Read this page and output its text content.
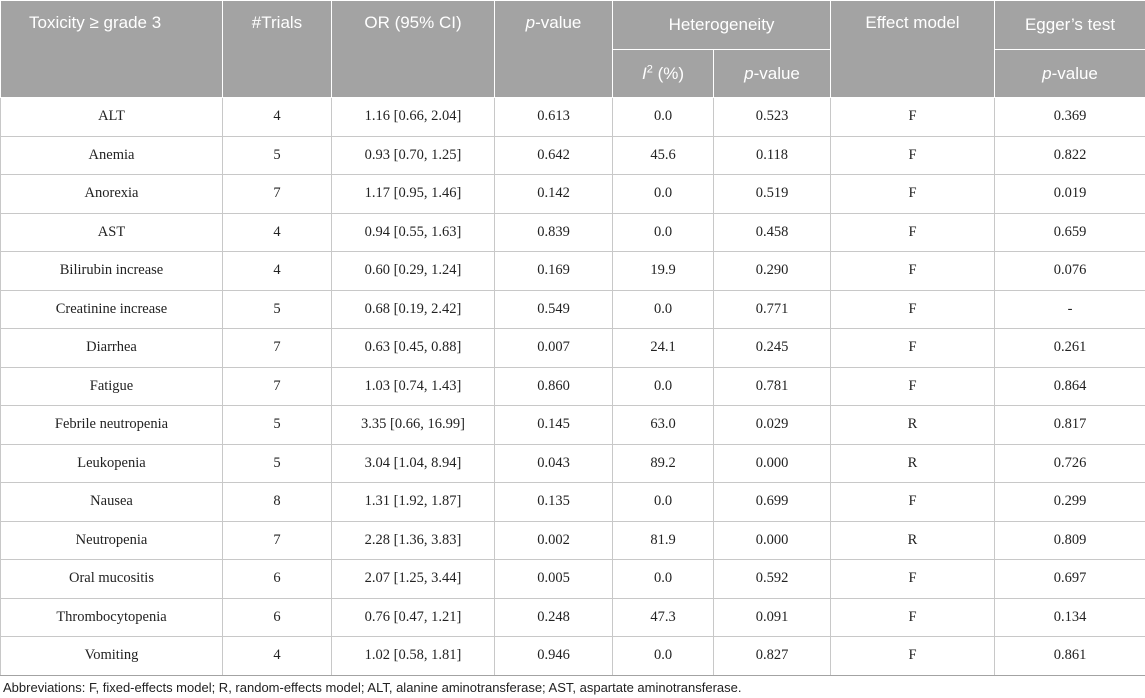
Toxicity ≥ grade 3	#Trials	OR (95% CI)	p-value	Heterogeneity		Effect model	Egger’s test
				$I^2$ (%)	p-value		p-value
ALT	4	1.16 [0.66, 2.04]	0.613	0.0	0.523	F	0.369
Anemia	5	0.93 [0.70, 1.25]	0.642	45.6	0.118	F	0.822
Anorexia	7	1.17 [0.95, 1.46]	0.142	0.0	0.519	F	0.019
AST	4	0.94 [0.55, 1.63]	0.839	0.0	0.458	F	0.659
Bilirubin increase	4	0.60 [0.29, 1.24]	0.169	19.9	0.290	F	0.076
Creatinine increase	5	0.68 [0.19, 2.42]	0.549	0.0	0.771	F	-
Diarrhea	7	0.63 [0.45, 0.88]	0.007	24.1	0.245	F	0.261
Fatigue	7	1.03 [0.74, 1.43]	0.860	0.0	0.781	F	0.864
Febrile neutropenia	5	3.35 [0.66, 16.99]	0.145	63.0	0.029	R	0.817
Leukopenia	5	3.04 [1.04, 8.94]	0.043	89.2	0.000	R	0.726
Nausea	8	1.31 [1.92, 1.87]	0.135	0.0	0.699	F	0.299
Neutropenia	7	2.28 [1.36, 3.83]	0.002	81.9	0.000	R	0.809
Oral mucositis	6	2.07 [1.25, 3.44]	0.005	0.0	0.592	F	0.697
Thrombocytopenia	6	0.76 [0.47, 1.21]	0.248	47.3	0.091	F	0.134
Vomiting	4	1.02 [0.58, 1.81]	0.946	0.0	0.827	F	0.861
Abbreviations: F, fixed-effects model; R, random-effects model; ALT, alanine aminotransferase; AST, aspartate aminotransferase.
